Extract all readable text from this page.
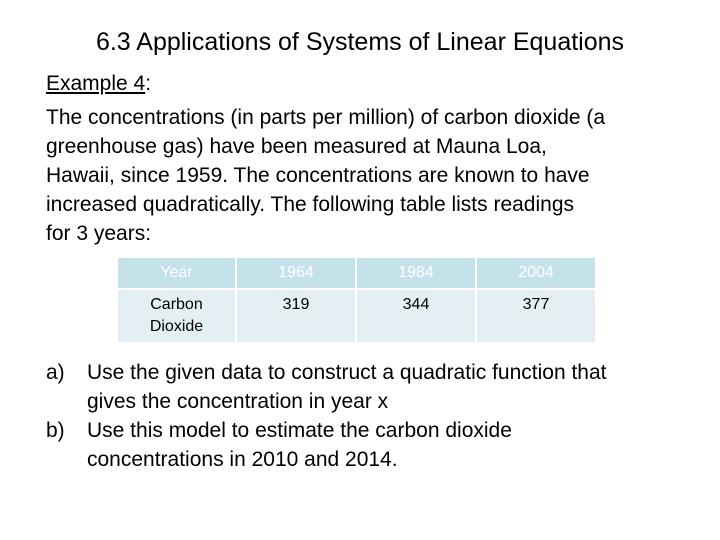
6.3 Applications of Systems of Linear Equations
Example 4:
The concentrations (in parts per million) of carbon dioxide (a
greenhouse gas) have been measured at Mauna Loa,
Hawaii, since 1959. The concentrations are known to have
increased quadratically. The following table lists readings
for 3 years:
Year	1964	1984	2004

Carbon
Dioxide	319	344	377
a) Use the given data to construct a quadratic function that
gives the concentration in year x
b) Use this model to estimate the carbon dioxide
concentrations in 2010 and 2014.
